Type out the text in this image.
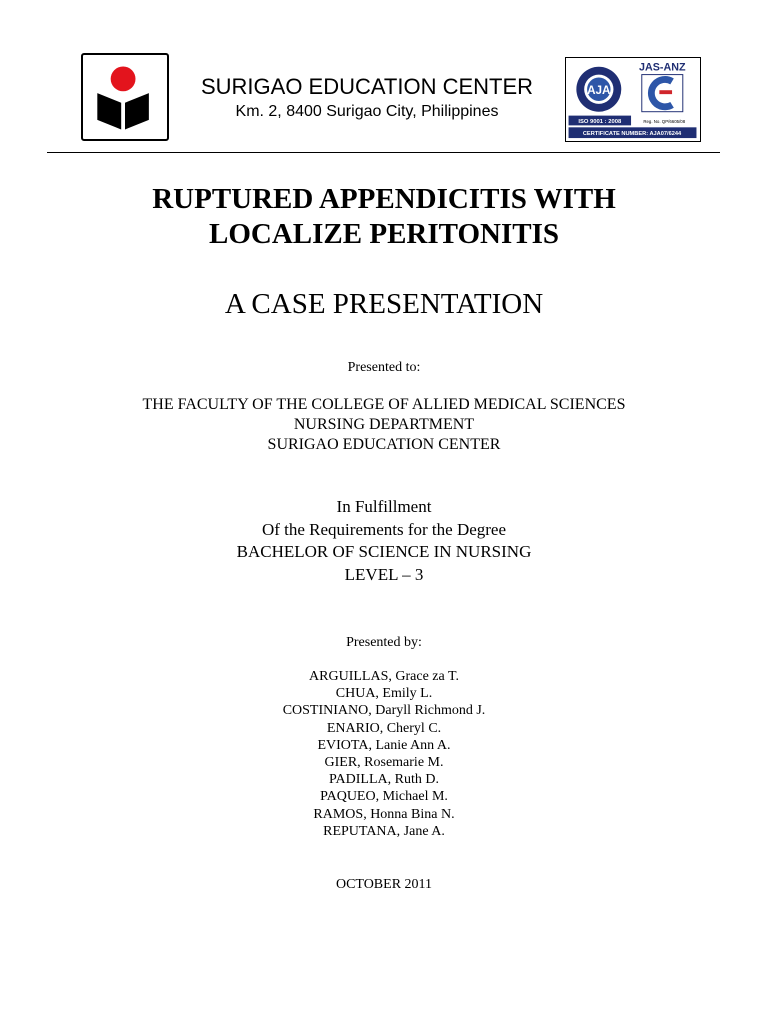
SURIGAO EDUCATION CENTER
Km. 2, 8400 Surigao City, Philippines
AJA
JAS-ANZ
ISO 9001 : 2008	Reg. No. QP/6605/08
CERTIFICATE NUMBER: AJA07/6244
RUPTURED APPENDICITIS WITH
LOCALIZE PERITONITIS
A CASE PRESENTATION
Presented to:
THE FACULTY OF THE COLLEGE OF ALLIED MEDICAL SCIENCES
NURSING DEPARTMENT
SURIGAO EDUCATION CENTER
In Fulfillment
Of the Requirements for the Degree
BACHELOR OF SCIENCE IN NURSING
LEVEL – 3
Presented by:
ARGUILLAS, Grace za T.
CHUA, Emily L.
COSTINIANO, Daryll Richmond J.
ENARIO, Cheryl C.
EVIOTA, Lanie Ann A.
GIER, Rosemarie M.
PADILLA, Ruth D.
PAQUEO, Michael M.
RAMOS, Honna Bina N.
REPUTANA, Jane A.
OCTOBER 2011
